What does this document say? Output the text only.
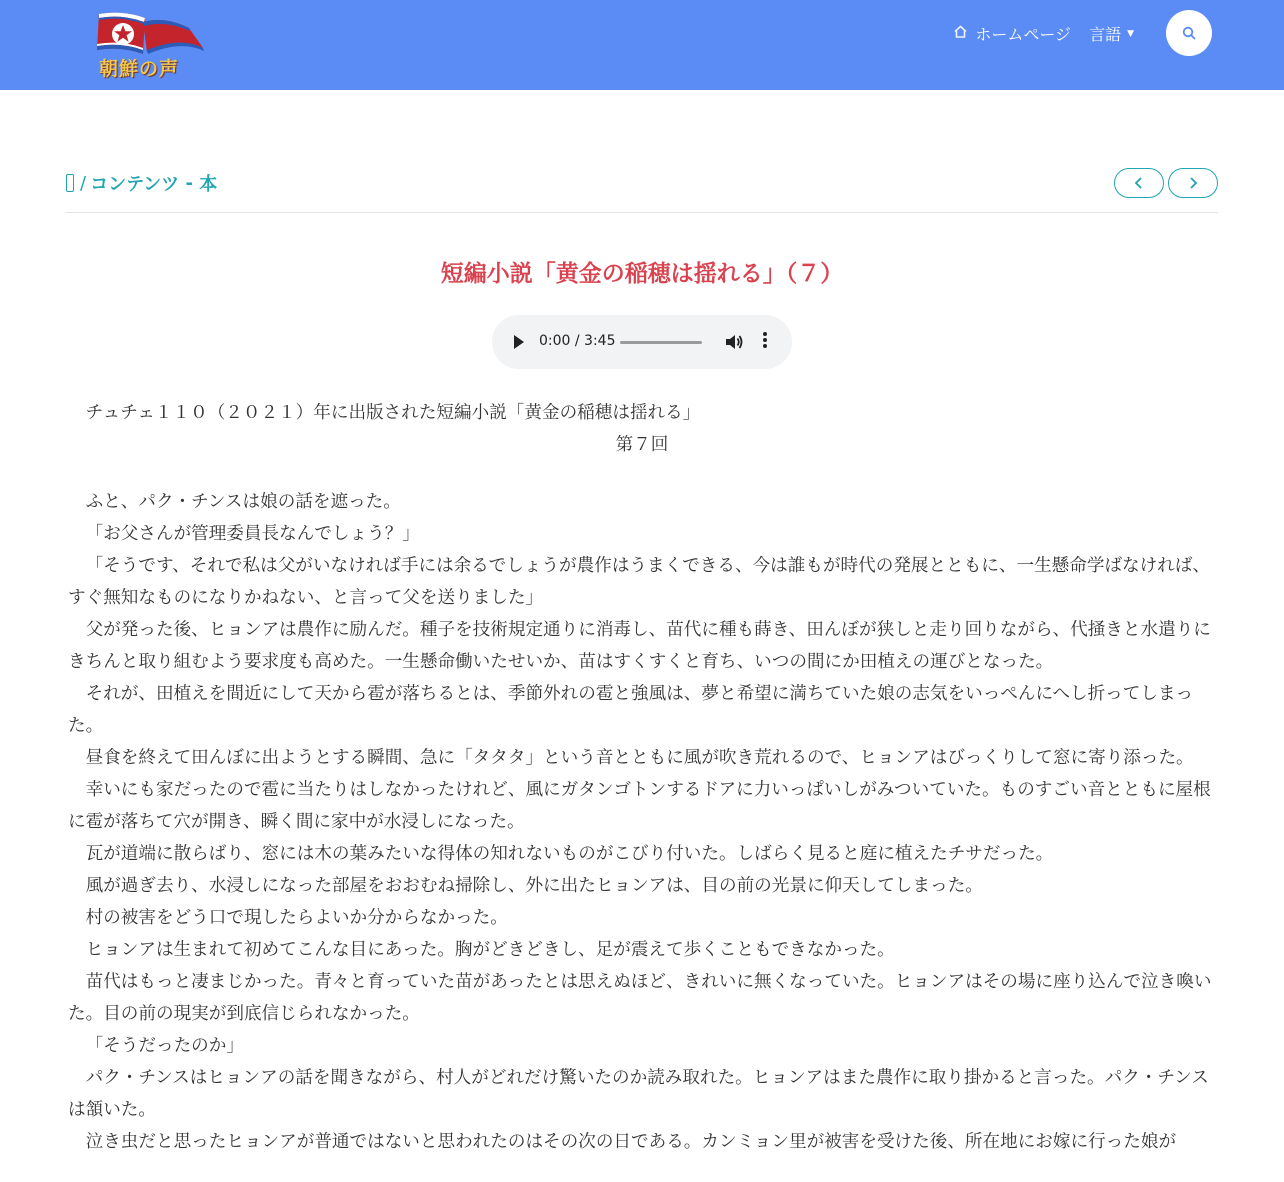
朝鮮の声
ホームページ 言語 ▼
/ コンテンツ
-
本
短編小説「黄金の稲穂は揺れる」（７）
0:00 / 3:45

チュチェ１１０（２０２１）年に出版された短編小説「黄金の稲穂は揺れる」

第７回

ふと、パク・チンスは娘の話を遮った。

「お父さんが管理委員長なんでしょう？」

「そうです、それで私は父がいなければ手には余るでしょうが農作はうまくできる、今は誰もが時代の発展とともに、一生懸命学ばなければ、すぐ無知なものになりかねない、と言って父を送りました」

父が発った後、ヒョンアは農作に励んだ。種子を技術規定通りに消毒し、苗代に種も蒔き、田んぼが狭しと走り回りながら、代掻きと水遣りにきちんと取り組むよう要求度も高めた。一生懸命働いたせいか、苗はすくすくと育ち、いつの間にか田植えの運びとなった。

それが、田植えを間近にして天から雹が落ちるとは、季節外れの雹と強風は、夢と希望に満ちていた娘の志気をいっぺんにへし折ってしまった。

昼食を終えて田んぼに出ようとする瞬間、急に「タタタ」という音とともに風が吹き荒れるので、ヒョンアはびっくりして窓に寄り添った。

幸いにも家だったので雹に当たりはしなかったけれど、風にガタンゴトンするドアに力いっぱいしがみついていた。ものすごい音とともに屋根に雹が落ちて穴が開き、瞬く間に家中が水浸しになった。

瓦が道端に散らばり、窓には木の葉みたいな得体の知れないものがこびり付いた。しばらく見ると庭に植えたチサだった。

風が過ぎ去り、水浸しになった部屋をおおむね掃除し、外に出たヒョンアは、目の前の光景に仰天してしまった。

村の被害をどう口で現したらよいか分からなかった。

ヒョンアは生まれて初めてこんな目にあった。胸がどきどきし、足が震えて歩くこともできなかった。

苗代はもっと凄まじかった。青々と育っていた苗があったとは思えぬほど、きれいに無くなっていた。ヒョンアはその場に座り込んで泣き喚いた。目の前の現実が到底信じられなかった。

「そうだったのか」

パク・チンスはヒョンアの話を聞きながら、村人がどれだけ驚いたのか読み取れた。ヒョンアはまた農作に取り掛かると言った。パク・チンスは頷いた。

泣き虫だと思ったヒョンアが普通ではないと思われたのはその次の日である。カンミョン里が被害を受けた後、所在地にお嫁に行った娘が
